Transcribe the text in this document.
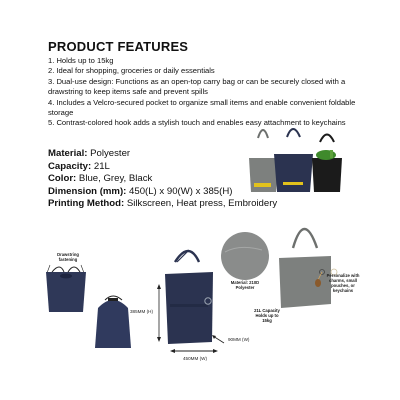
PRODUCT FEATURES
1. Holds up to 15kg
2. Ideal for shopping, groceries or daily essentials
3. Dual-use design: Functions as an open-top carry bag or can be securely closed with a drawstring to keep items safe and prevent spills
4. Includes a Velcro-secured pocket to organize small items and enable convenient foldable storage
5. Contrast-colored hook adds a stylish touch and enables easy attachment to keychains
Material: Polyester
Capacity: 21L
Color: Blue, Grey, Black
Dimension (mm): 450(L) x 90(W) x 385(H)
Printing Method: Silkscreen, Heat press, Embroidery
Drawstring fastening
385MM (H)
90MM (W)
450MM (W)
Material: 210D Polyester
21L Capacity Holds up to 15kg
Personalize with charms, small pouches, or keychains
